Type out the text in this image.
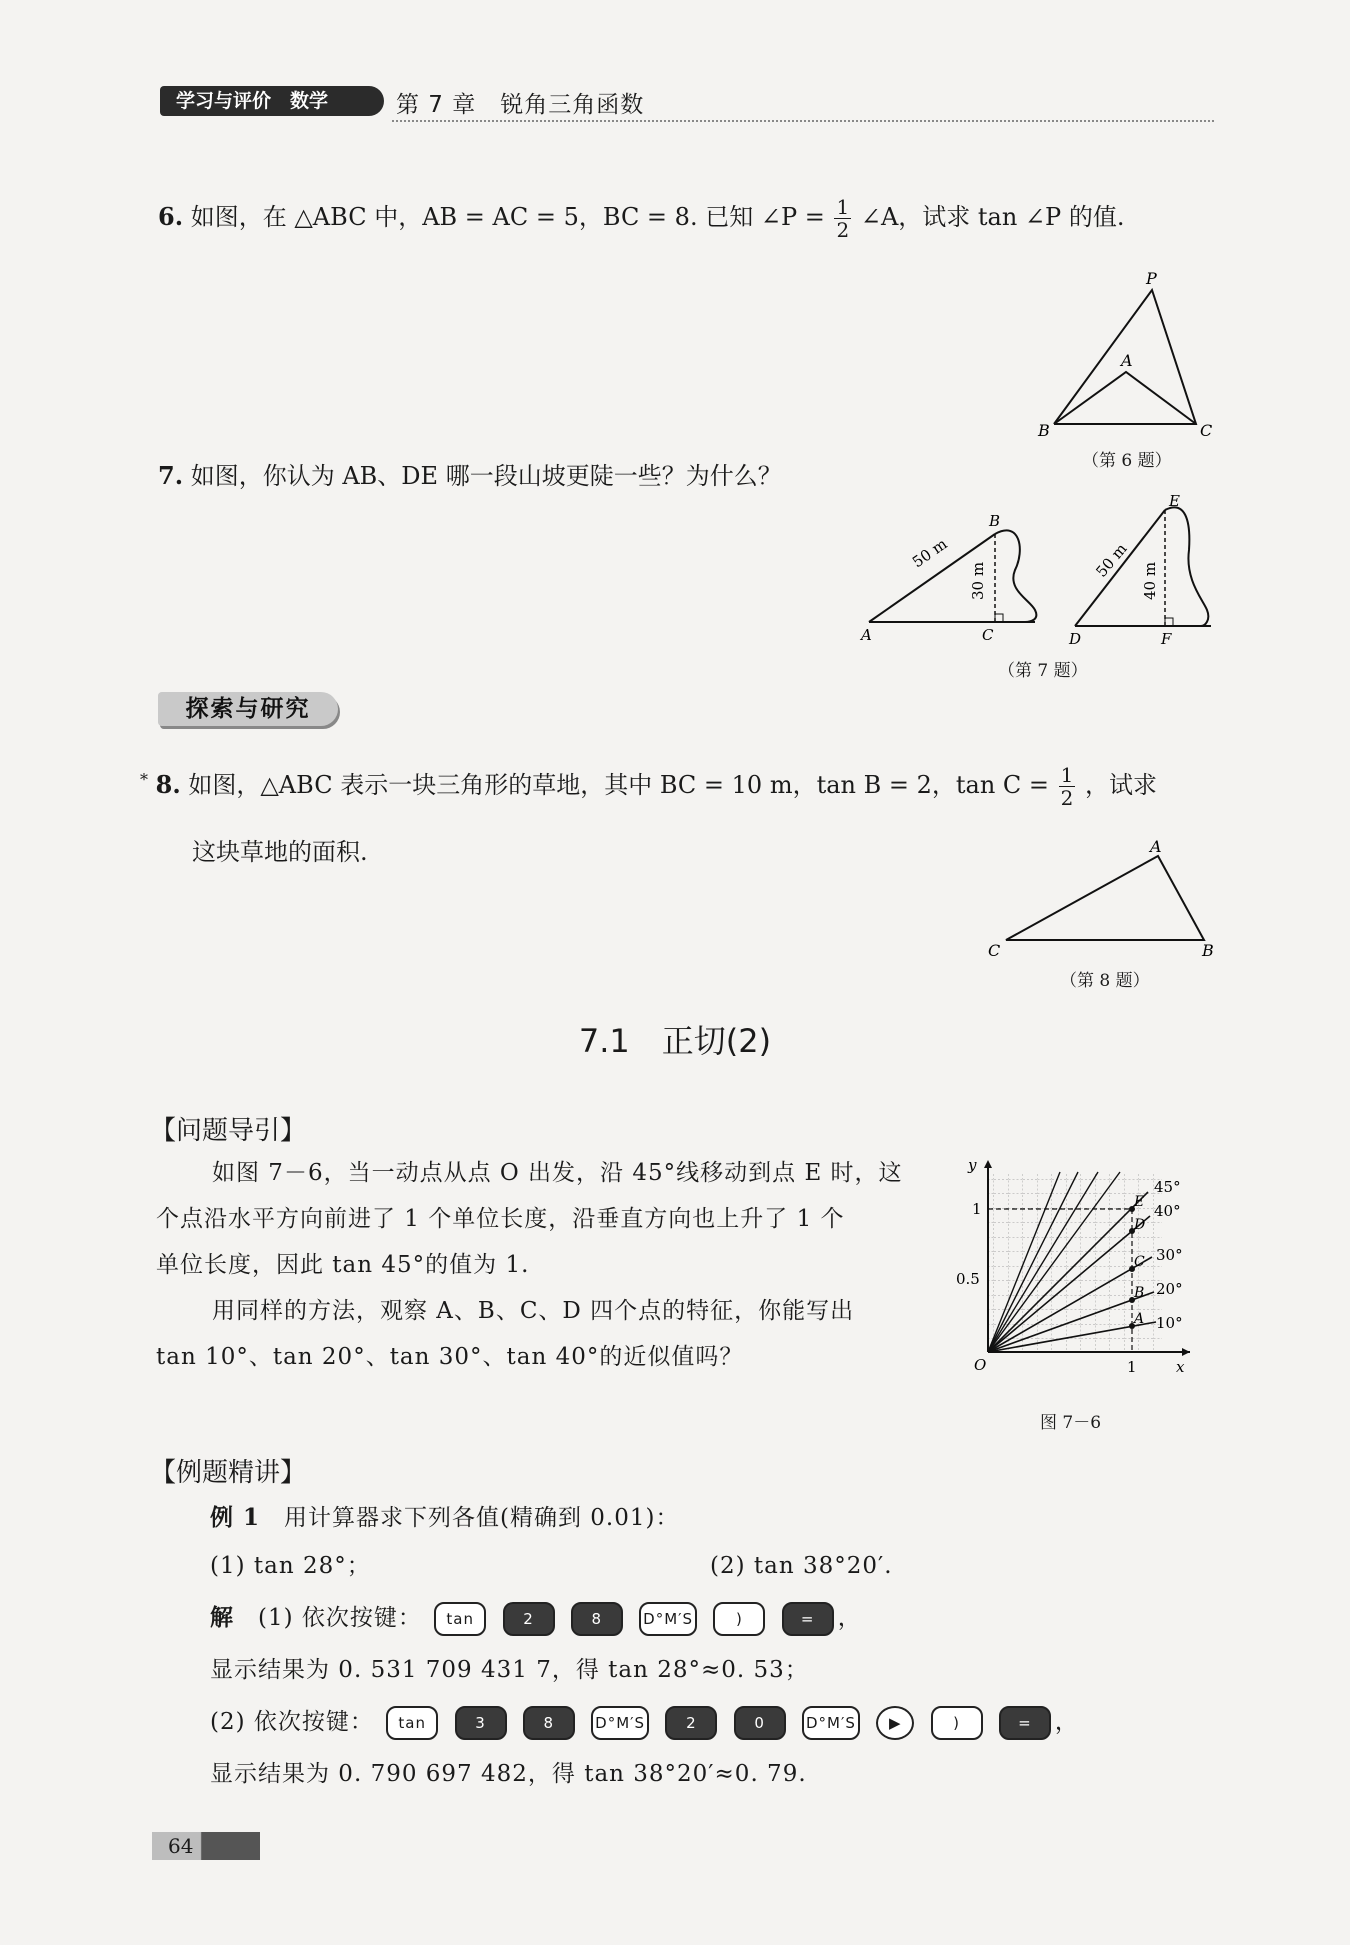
学习与评价　数学	第 7 章　锐角三角函数
6. 如图，在 △ABC 中，AB = AC = 5，BC = 8. 已知 ∠P = $\frac{1}{2}$ ∠A，试求 tan ∠P 的值.
P
A
B	C
（第 6 题）
7. 如图，你认为 AB、DE 哪一段山坡更陡一些？为什么？
50 m
30 m
A
B
C
50 m
40 m
D
E
F
（第 7 题）
探索与研究
* 8. 如图，△ABC 表示一块三角形的草地，其中 BC = 10 m，tan B = 2，$\tan C = \frac{1}{2}$ ，试求
这块草地的面积.	A
C	B
（第 8 题）
7.1　正切(2)
【问题导引】
如图 7－6，当一动点从点 O 出发，沿 45°线移动到点 E 时，这
个点沿水平方向前进了 1 个单位长度，沿垂直方向也上升了 1 个
单位长度，因此 tan 45°的值为 1.
用同样的方法，观察 A、B、C、D 四个点的特征，你能写出
tan 10°、tan 20°、tan 30°、tan 40°的近似值吗？
E
D
C
B
A
45°
40°
30°
20°
10°
y
x
O
1
0.5
1
图 7－6
【例题精讲】
例 1　 用计算器求下列各值(精确到 0.01)：
(1) tan 28°；	(2) tan 38°20′.
解　 (1) 依次按键： tan	2	8	D°M′S	)	= ，
显示结果为 0. 531 709 431 7，得 tan 28°≈0. 53；
(2) 依次按键： tan	3	8	D°M′S	2	0	D°M′S ▶	)	= ，
显示结果为 0. 790 697 482，得 tan 38°20′≈0. 79.
64
